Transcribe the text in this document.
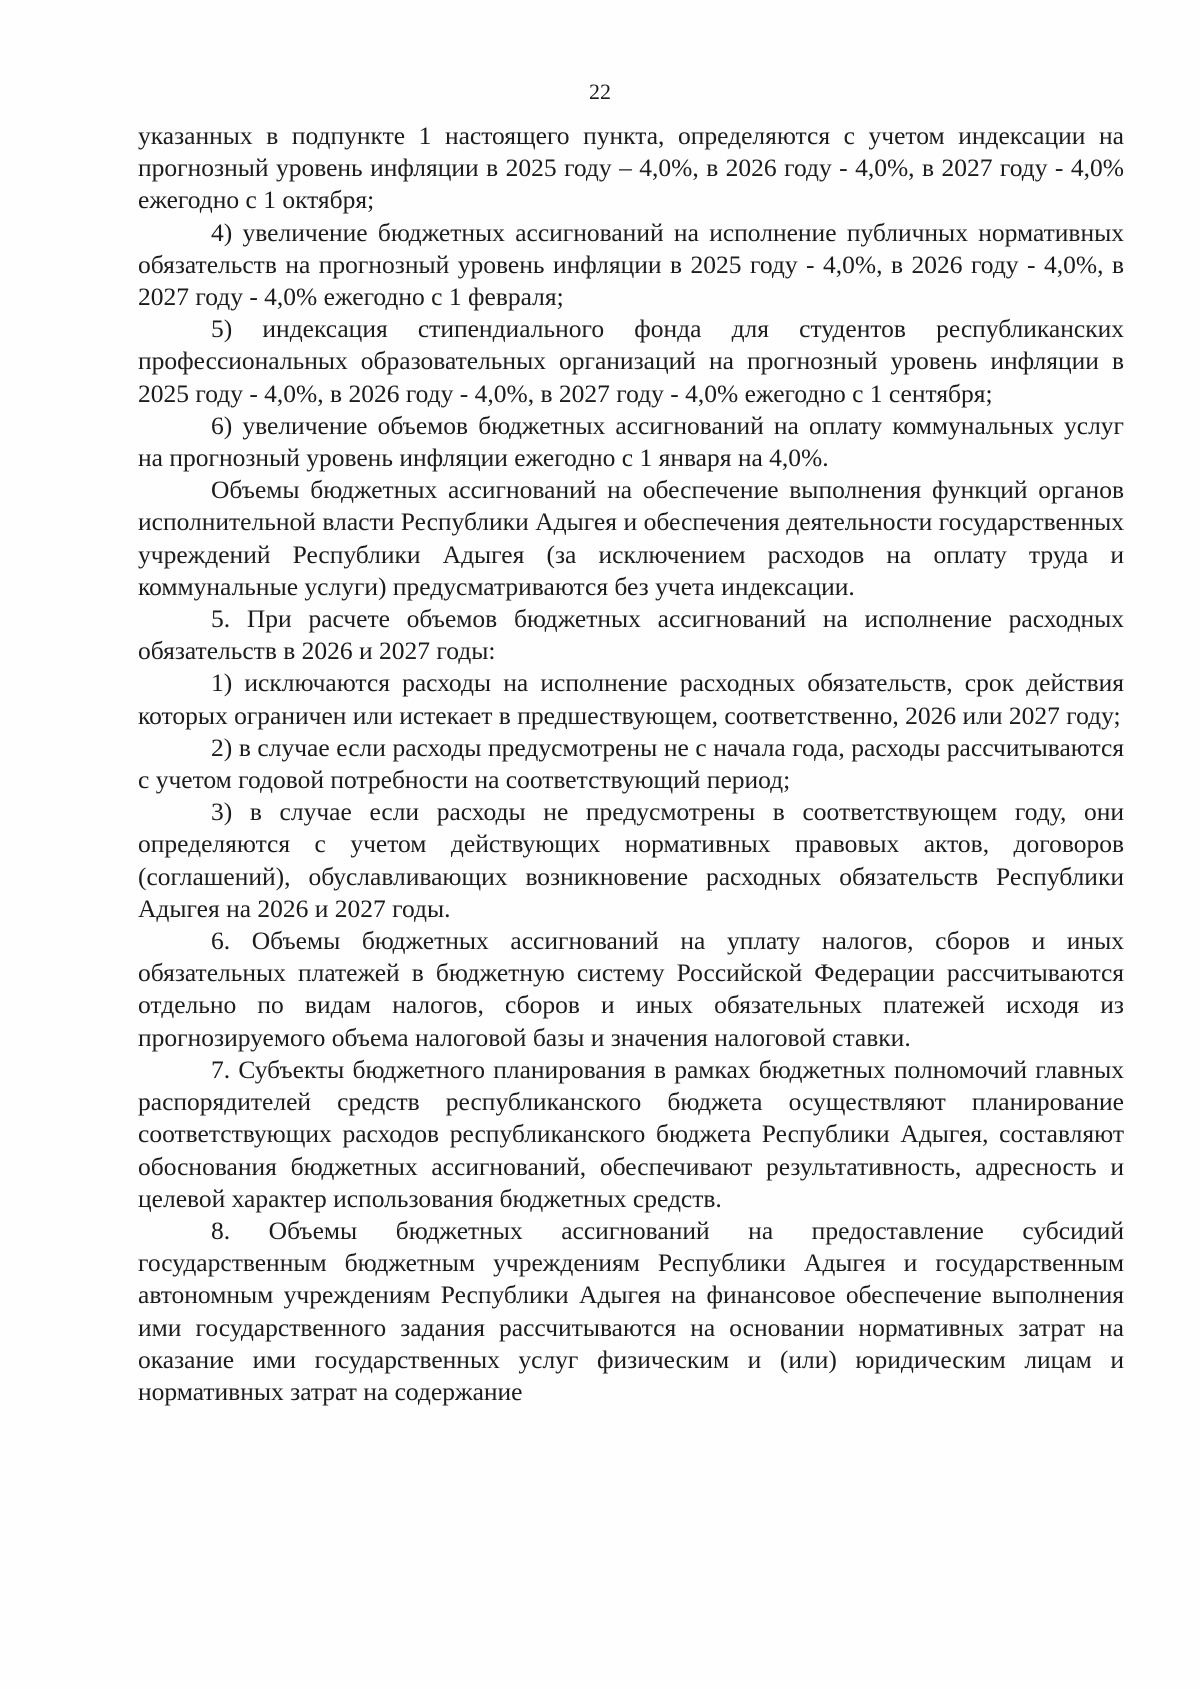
22

указанных в подпункте 1 настоящего пункта, определяются с учетом индексации на прогнозный уровень инфляции в 2025 году – 4,0%, в 2026 году - 4,0%, в 2027 году - 4,0% ежегодно с 1 октября;

4) увеличение бюджетных ассигнований на исполнение публичных нормативных обязательств на прогнозный уровень инфляции в 2025 году - 4,0%, в 2026 году - 4,0%, в 2027 году - 4,0% ежегодно с 1 февраля;

5) индексация стипендиального фонда для студентов республиканских профессиональных образовательных организаций на прогнозный уровень инфляции в 2025 году - 4,0%, в 2026 году - 4,0%, в 2027 году - 4,0% ежегодно с 1 сентября;

6) увеличение объемов бюджетных ассигнований на оплату коммунальных услуг на прогнозный уровень инфляции ежегодно с 1 января на 4,0%.

Объемы бюджетных ассигнований на обеспечение выполнения функций органов исполнительной власти Республики Адыгея и обеспечения деятельности государственных учреждений Республики Адыгея (за исключением расходов на оплату труда и коммунальные услуги) предусматриваются без учета индексации.

5. При расчете объемов бюджетных ассигнований на исполнение расходных обязательств в 2026 и 2027 годы:

1) исключаются расходы на исполнение расходных обязательств, срок действия которых ограничен или истекает в предшествующем, соответственно, 2026 или 2027 году;

2) в случае если расходы предусмотрены не с начала года, расходы рассчитываются с учетом годовой потребности на соответствующий период;

3) в случае если расходы не предусмотрены в соответствующем году, они определяются с учетом действующих нормативных правовых актов, договоров (соглашений), обуславливающих возникновение расходных обязательств Республики Адыгея на 2026 и 2027 годы.

6. Объемы бюджетных ассигнований на уплату налогов, сборов и иных обязательных платежей в бюджетную систему Российской Федерации рассчитываются отдельно по видам налогов, сборов и иных обязательных платежей исходя из прогнозируемого объема налоговой базы и значения налоговой ставки.

7. Субъекты бюджетного планирования в рамках бюджетных полномочий главных распорядителей средств республиканского бюджета осуществляют планирование соответствующих расходов республиканского бюджета Республики Адыгея, составляют обоснования бюджетных ассигнований, обеспечивают результативность, адресность и целевой характер использования бюджетных средств.

8. Объемы бюджетных ассигнований на предоставление субсидий государственным бюджетным учреждениям Республики Адыгея и государственным автономным учреждениям Республики Адыгея на финансовое обеспечение выполнения ими государственного задания рассчитываются на основании нормативных затрат на оказание ими государственных услуг физическим и (или) юридическим лицам и нормативных затрат на содержание
